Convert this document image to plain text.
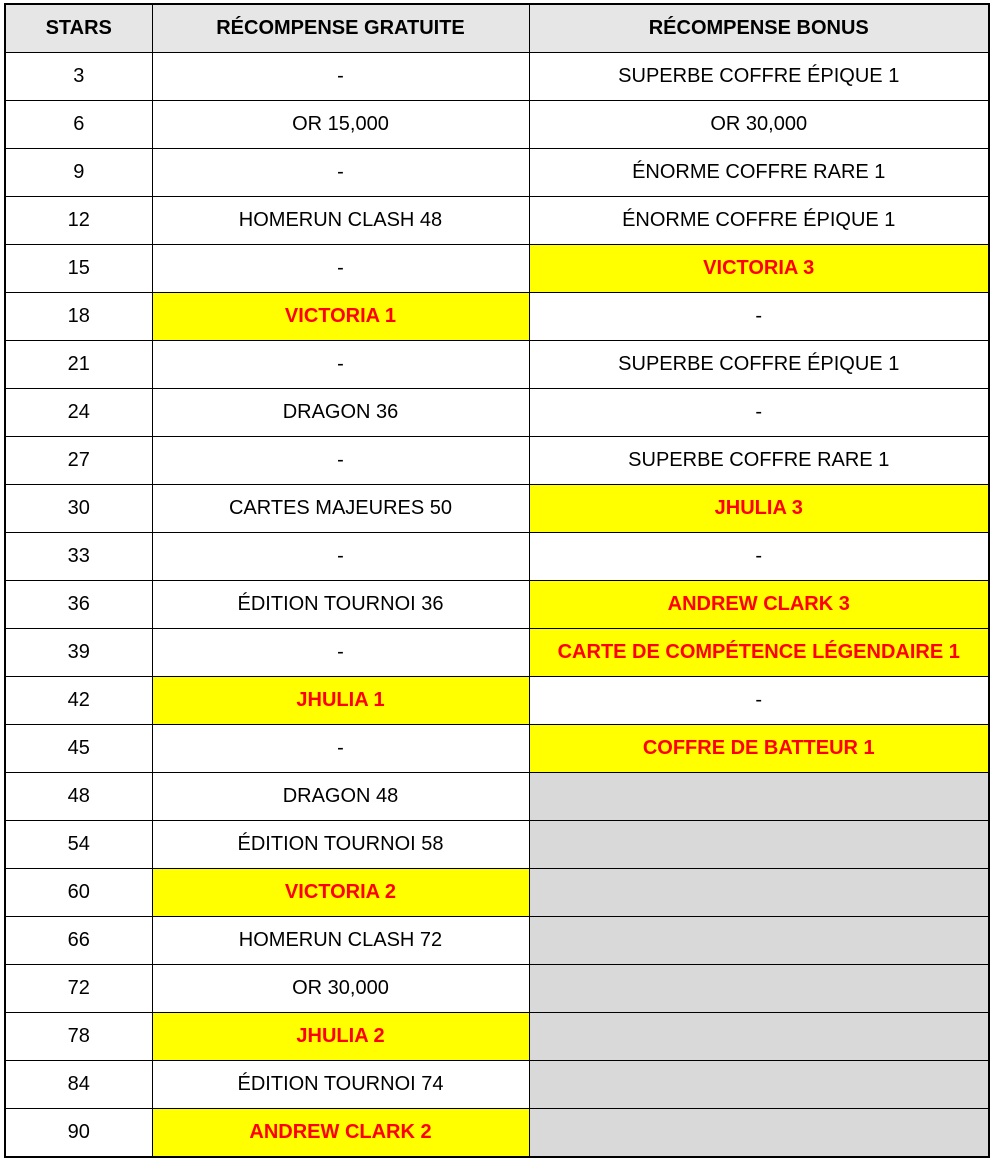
STARS	RÉCOMPENSE GRATUITE	RÉCOMPENSE BONUS
3	-	SUPERBE COFFRE ÉPIQUE 1
6	OR 15,000	OR 30,000
9	-	ÉNORME COFFRE RARE 1
12	HOMERUN CLASH 48	ÉNORME COFFRE ÉPIQUE 1
15	-	VICTORIA 3
18	VICTORIA 1	-
21	-	SUPERBE COFFRE ÉPIQUE 1
24	DRAGON 36	-
27	-	SUPERBE COFFRE RARE 1
30	CARTES MAJEURES 50	JHULIA 3
33	-	-
36	ÉDITION TOURNOI 36	ANDREW CLARK 3
39	-	CARTE DE COMPÉTENCE LÉGENDAIRE 1
42	JHULIA 1	-
45	-	COFFRE DE BATTEUR 1
48	DRAGON 48	
54	ÉDITION TOURNOI 58	
60	VICTORIA 2	
66	HOMERUN CLASH 72	
72	OR 30,000	
78	JHULIA 2	
84	ÉDITION TOURNOI 74	
90	ANDREW CLARK 2	
